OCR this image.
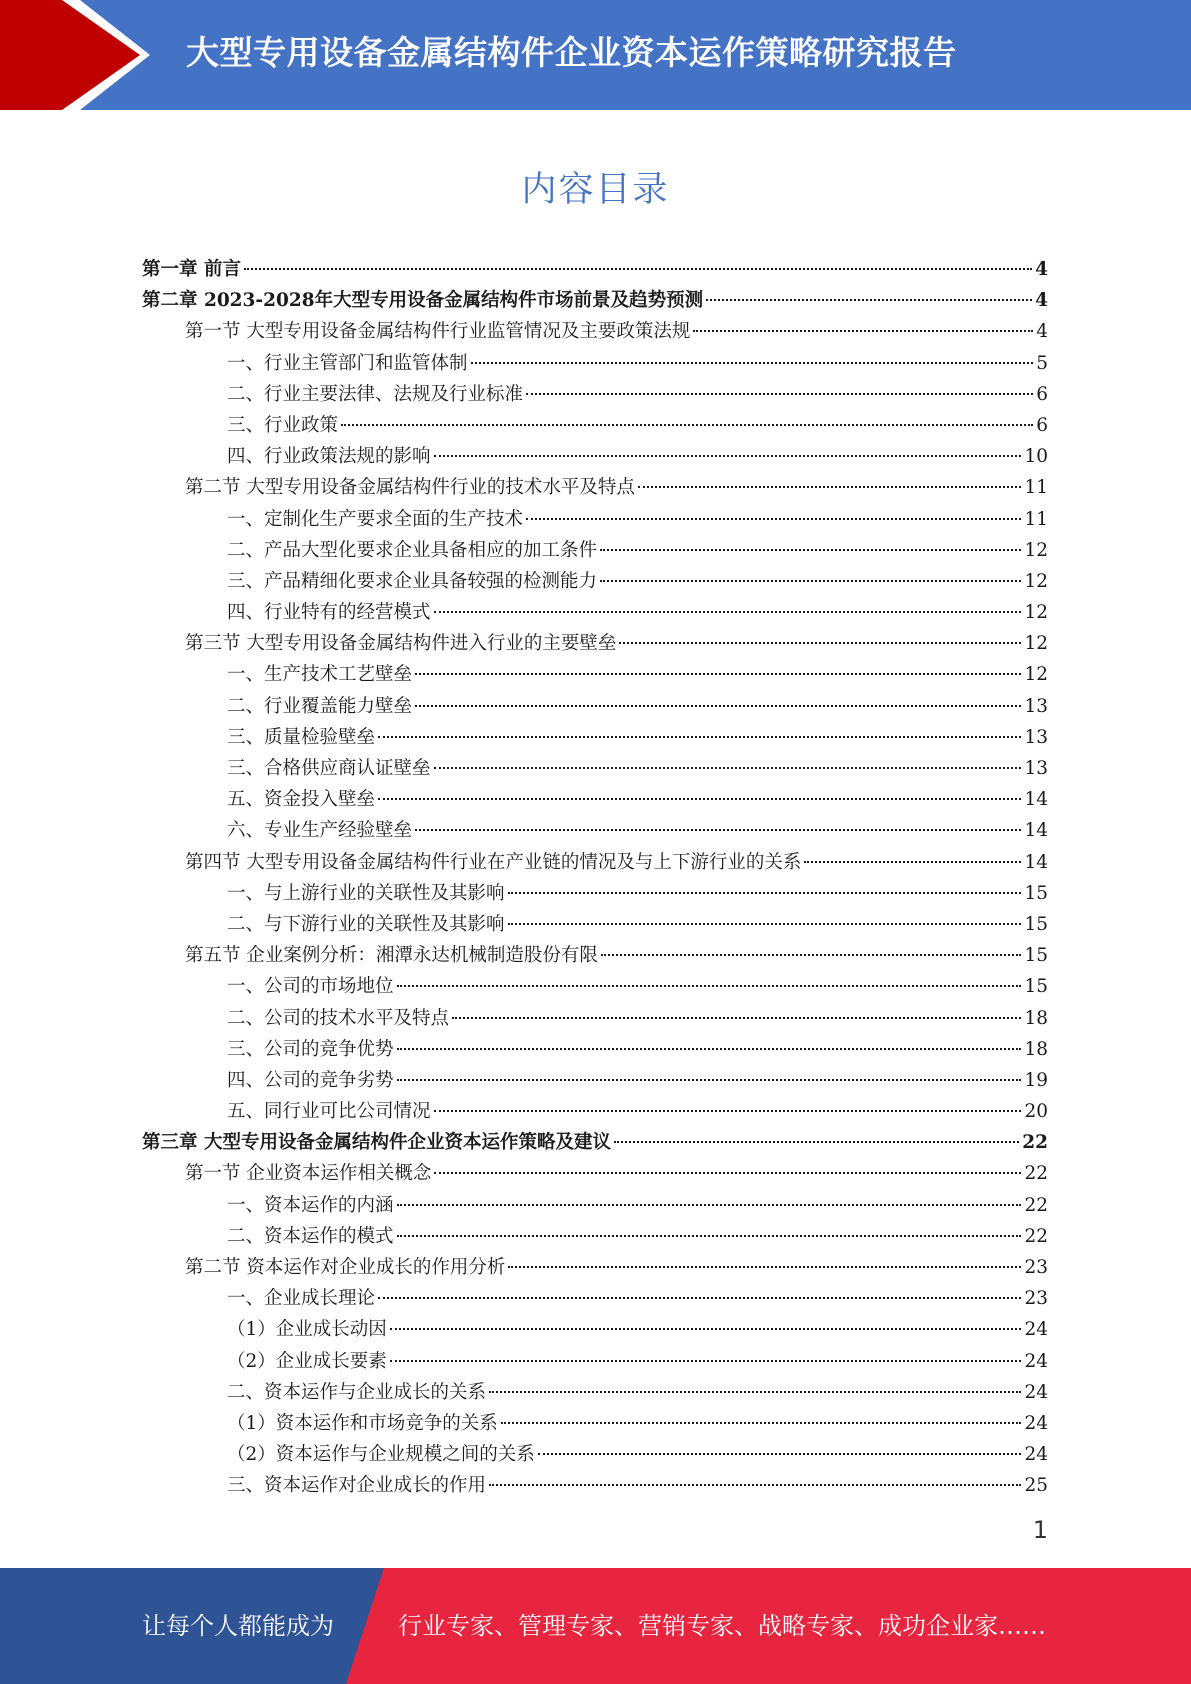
大型专用设备金属结构件企业资本运作策略研究报告
内容目录
第一章 前言	4
第二章 2023-2028年大型专用设备金属结构件市场前景及趋势预测	4
第一节 大型专用设备金属结构件行业监管情况及主要政策法规	4
一、行业主管部门和监管体制	5
二、行业主要法律、法规及行业标准	6
三、行业政策	6
四、行业政策法规的影响	10
第二节 大型专用设备金属结构件行业的技术水平及特点	11
一、定制化生产要求全面的生产技术	11
二、产品大型化要求企业具备相应的加工条件	12
三、产品精细化要求企业具备较强的检测能力	12
四、行业特有的经营模式	12
第三节 大型专用设备金属结构件进入行业的主要壁垒	12
一、生产技术工艺壁垒	12
二、行业覆盖能力壁垒	13
三、质量检验壁垒	13
三、合格供应商认证壁垒	13
五、资金投入壁垒	14
六、专业生产经验壁垒	14
第四节 大型专用设备金属结构件行业在产业链的情况及与上下游行业的关系	14
一、与上游行业的关联性及其影响	15
二、与下游行业的关联性及其影响	15
第五节 企业案例分析：湘潭永达机械制造股份有限	15
一、公司的市场地位	15
二、公司的技术水平及特点	18
三、公司的竞争优势	18
四、公司的竞争劣势	19
五、同行业可比公司情况	20
第三章 大型专用设备金属结构件企业资本运作策略及建议	22
第一节 企业资本运作相关概念	22
一、资本运作的内涵	22
二、资本运作的模式	22
第二节 资本运作对企业成长的作用分析	23
一、企业成长理论	23
（1）企业成长动因	24
（2）企业成长要素	24
二、资本运作与企业成长的关系	24
（1）资本运作和市场竞争的关系	24
（2）资本运作与企业规模之间的关系	24
三、资本运作对企业成长的作用	25
1
让每个人都能成为	行业专家、管理专家、营销专家、战略专家、成功企业家……
